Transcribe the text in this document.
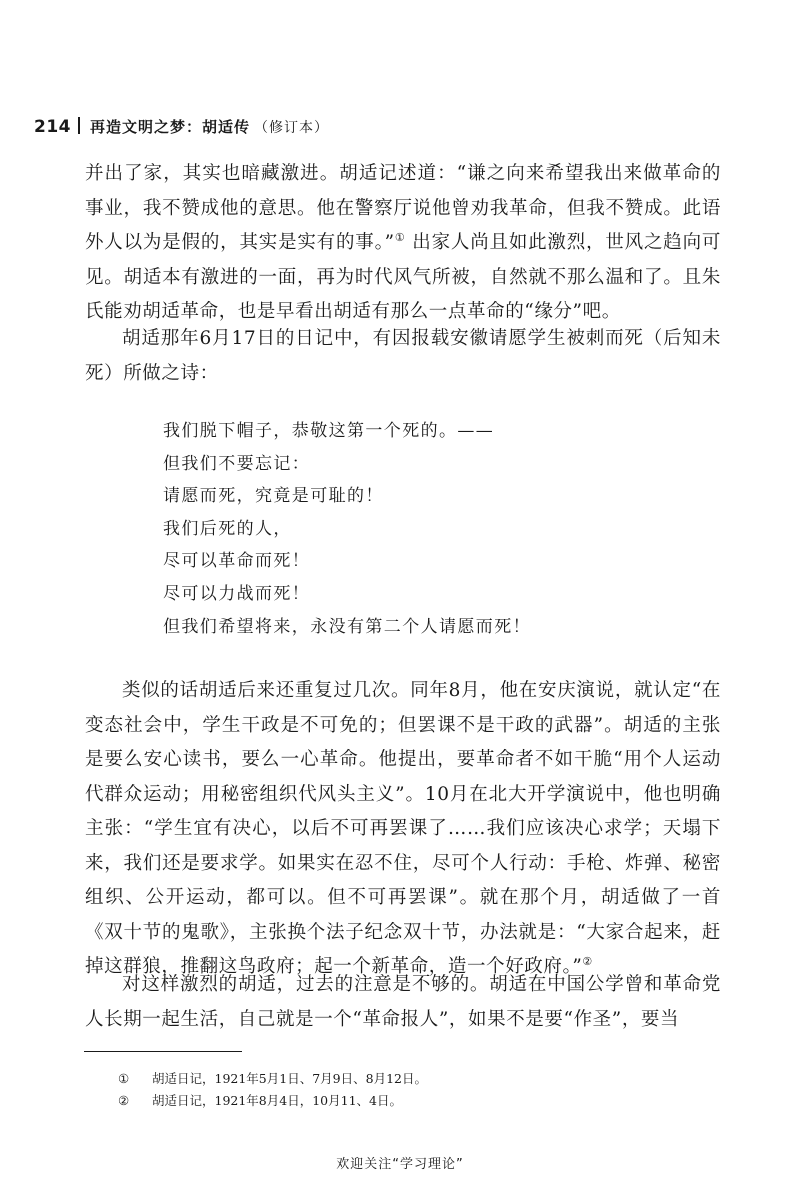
214 再造文明之梦：胡适传 （修订本）

并出了家，其实也暗藏激进。胡适记述道：“谦之向来希望我出来做革命的事业，我不赞成他的意思。他在警察厅说他曾劝我革命，但我不赞成。此语外人以为是假的，其实是实有的事。”① 出家人尚且如此激烈，世风之趋向可见。胡适本有激进的一面，再为时代风气所被，自然就不那么温和了。且朱氏能劝胡适革命，也是早看出胡适有那么一点革命的“缘分”吧。

胡适那年6月17日的日记中，有因报载安徽请愿学生被刺而死（后知未死）所做之诗：

我们脱下帽子，恭敬这第一个死的。——
但我们不要忘记：
请愿而死，究竟是可耻的！
我们后死的人，
尽可以革命而死！
尽可以力战而死！
但我们希望将来，永没有第二个人请愿而死！

类似的话胡适后来还重复过几次。同年8月，他在安庆演说，就认定“在变态社会中，学生干政是不可免的；但罢课不是干政的武器”。胡适的主张是要么安心读书，要么一心革命。他提出，要革命者不如干脆“用个人运动代群众运动；用秘密组织代风头主义”。10月在北大开学演说中，他也明确主张：“学生宜有决心，以后不可再罢课了……我们应该决心求学；天塌下来，我们还是要求学。如果实在忍不住，尽可个人行动：手枪、炸弹、秘密组织、公开运动，都可以。但不可再罢课”。就在那个月，胡适做了一首《双十节的鬼歌》，主张换个法子纪念双十节，办法就是：“大家合起来，赶掉这群狼，推翻这鸟政府；起一个新革命，造一个好政府。”②

对这样激烈的胡适，过去的注意是不够的。胡适在中国公学曾和革命党人长期一起生活，自己就是一个“革命报人”，如果不是要“作圣”，要当

①	胡适日记，1921年5月1日、7月9日、8月12日。
②	胡适日记，1921年8月4日，10月11、4日。
欢迎关注“学习理论”
